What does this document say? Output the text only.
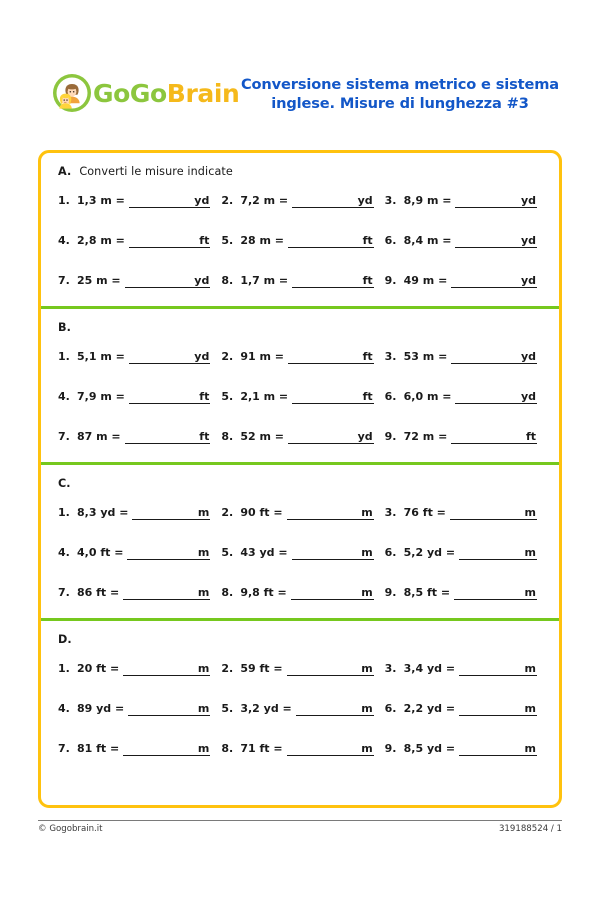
GoGoBrain Conversione sistema metrico e sistema inglese. Misure di lunghezza #3
A. Converti le misure indicate
1. 1,3 m =	yd 2. 7,2 m =	yd 3. 8,9 m =	yd
4. 2,8 m =	ft 5. 28 m =	ft 6. 8,4 m =	yd
7. 25 m =	yd 8. 1,7 m =	ft 9. 49 m =	yd
B.
1. 5,1 m =	yd 2. 91 m =	ft 3. 53 m =	yd
4. 7,9 m =	ft 5. 2,1 m =	ft 6. 6,0 m =	yd
7. 87 m =	ft 8. 52 m =	yd 9. 72 m =	ft
C.
1. 8,3 yd =	m 2. 90 ft =	m 3. 76 ft =	m
4. 4,0 ft =	m 5. 43 yd =	m 6. 5,2 yd =	m
7. 86 ft =	m 8. 9,8 ft =	m 9. 8,5 ft =	m
D.
1. 20 ft =	m 2. 59 ft =	m 3. 3,4 yd =	m
4. 89 yd =	m 5. 3,2 yd =	m 6. 2,2 yd =	m
7. 81 ft =	m 8. 71 ft =	m 9. 8,5 yd =	m
© Gogobrain.it	319188524 / 1
